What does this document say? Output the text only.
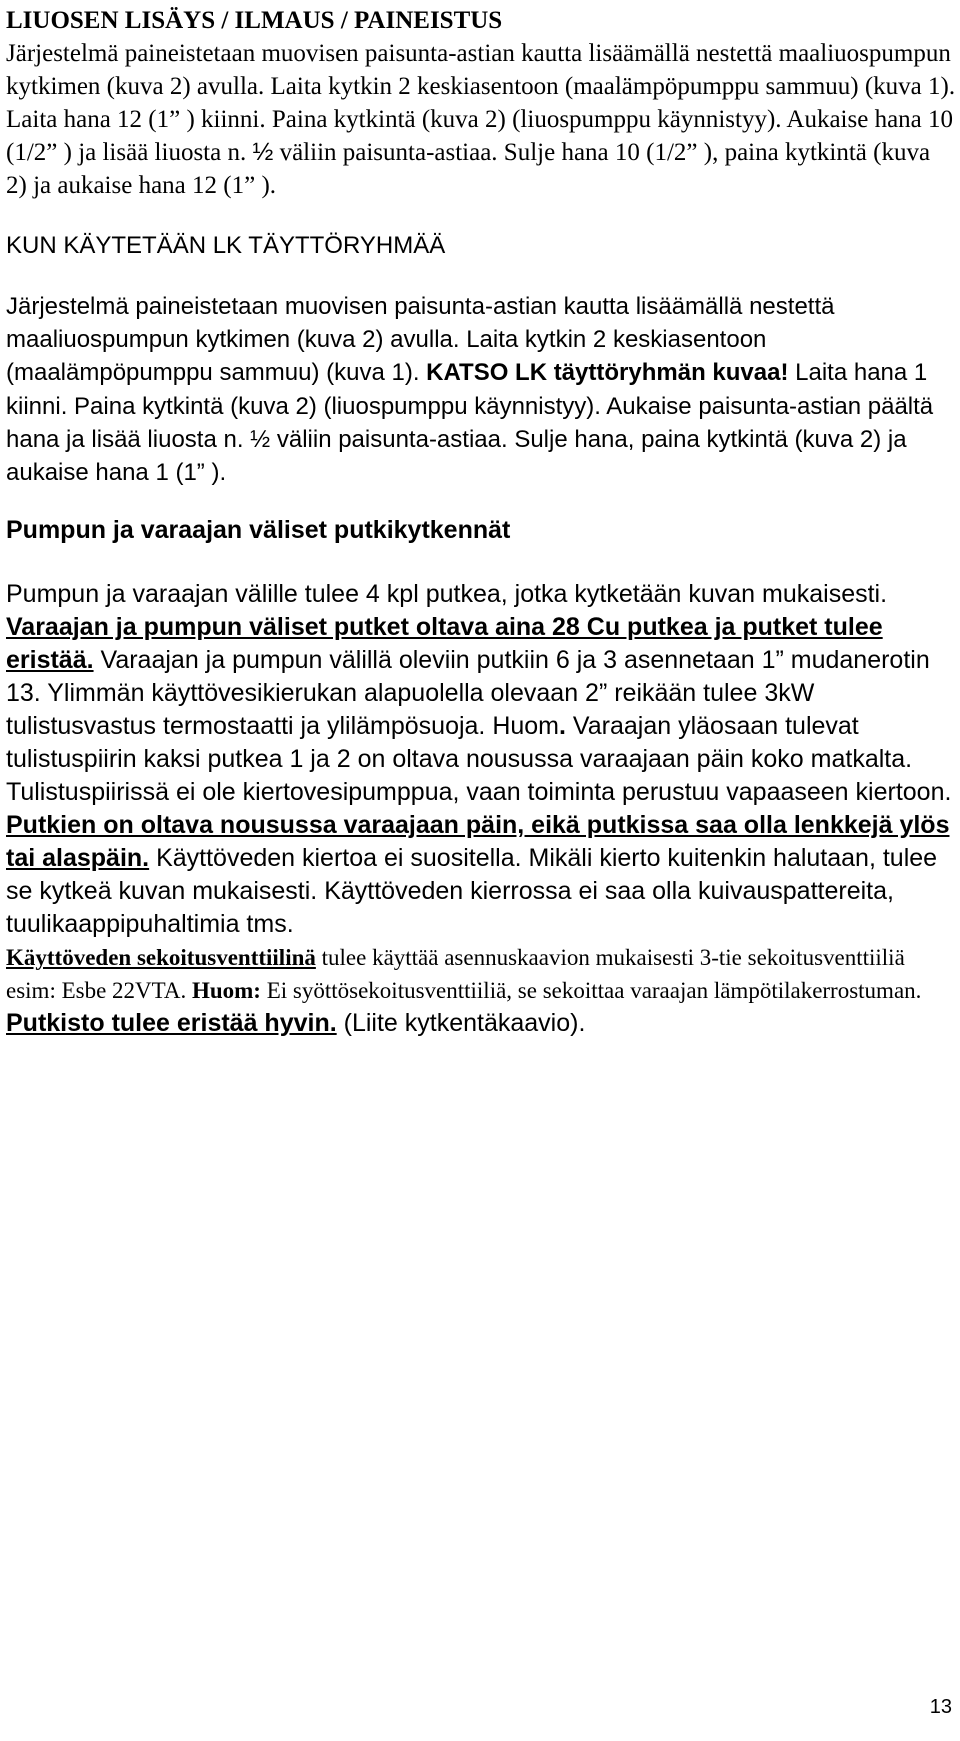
LIUOSEN LISÄYS / ILMAUS / PAINEISTUS

Järjestelmä paineistetaan muovisen paisunta-astian kautta lisäämällä nestettä maaliuospumpun kytkimen (kuva 2) avulla. Laita kytkin 2 keskiasentoon (maalämpöpumppu sammuu) (kuva 1). Laita hana 12 (1” ) kiinni. Paina kytkintä (kuva 2) (liuospumppu käynnistyy). Aukaise hana 10 (1/2” ) ja lisää liuosta n. ½ väliin paisunta-astiaa. Sulje hana 10 (1/2” ), paina kytkintä (kuva 2) ja aukaise hana 12 (1” ).

KUN KÄYTETÄÄN LK TÄYTTÖRYHMÄÄ

Järjestelmä paineistetaan muovisen paisunta-astian kautta lisäämällä nestettä maaliuospumpun kytkimen (kuva 2) avulla. Laita kytkin 2 keskiasentoon (maalämpöpumppu sammuu) (kuva 1). KATSO LK täyttöryhmän kuvaa! Laita hana 1 kiinni. Paina kytkintä (kuva 2) (liuospumppu käynnistyy). Aukaise paisunta-astian päältä hana ja lisää liuosta n. ½ väliin paisunta-astiaa. Sulje hana, paina kytkintä (kuva 2) ja aukaise hana 1 (1” ).

Pumpun ja varaajan väliset putkikytkennät

Pumpun ja varaajan välille tulee 4 kpl putkea, jotka kytketään kuvan mukaisesti.

Varaajan ja pumpun väliset putket oltava aina 28 Cu putkea ja putket tulee eristää. Varaajan ja pumpun välillä oleviin putkiin 6 ja 3 asennetaan 1” mudanerotin 13. Ylimmän käyttövesikierukan alapuolella olevaan 2” reikään tulee 3kW tulistusvastus termostaatti ja ylilämpösuoja. Huom. Varaajan yläosaan tulevat tulistuspiirin kaksi putkea 1 ja 2 on oltava nousussa varaajaan päin koko matkalta. Tulistuspiirissä ei ole kiertovesipumppua, vaan toiminta perustuu vapaaseen kiertoon. Putkien on oltava nousussa varaajaan päin, eikä putkissa saa olla lenkkejä ylös tai alaspäin. Käyttöveden kiertoa ei suositella. Mikäli kierto kuitenkin halutaan, tulee se kytkeä kuvan mukaisesti. Käyttöveden kierrossa ei saa olla kuivauspattereita, tuulikaappipuhaltimia tms.
Käyttöveden sekoitusventtiilinä tulee käyttää asennuskaavion mukaisesti 3-tie sekoitusventtiiliä esim: Esbe 22VTA. Huom: Ei syöttösekoitusventtiiliä, se sekoittaa varaajan lämpötilakerrostuman.
Putkisto tulee eristää hyvin. (Liite kytkentäkaavio).

13
